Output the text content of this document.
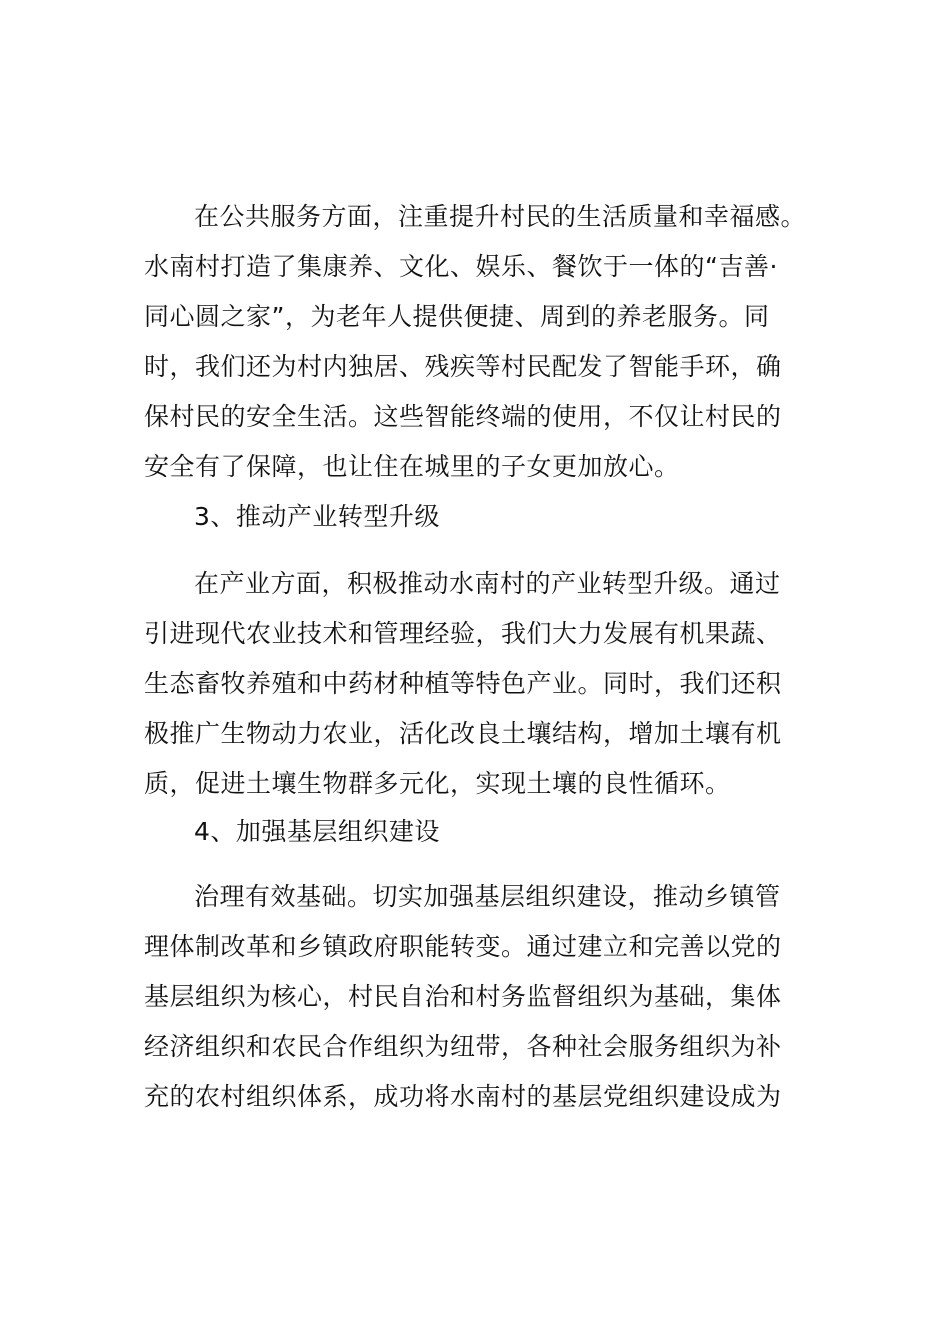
在公共服务方面，注重提升村民的生活质量和幸福感。
水南村打造了集康养、文化、娱乐、餐饮于一体的“吉善·
同心圆之家”，为老年人提供便捷、周到的养老服务。同
时，我们还为村内独居、残疾等村民配发了智能手环，确
保村民的安全生活。这些智能终端的使用，不仅让村民的
安全有了保障，也让住在城里的子女更加放心。
3、推动产业转型升级
在产业方面，积极推动水南村的产业转型升级。通过
引进现代农业技术和管理经验，我们大力发展有机果蔬、
生态畜牧养殖和中药材种植等特色产业。同时，我们还积
极推广生物动力农业，活化改良土壤结构，增加土壤有机
质，促进土壤生物群多元化，实现土壤的良性循环。
4、加强基层组织建设
治理有效基础。切实加强基层组织建设，推动乡镇管
理体制改革和乡镇政府职能转变。通过建立和完善以党的
基层组织为核心，村民自治和村务监督组织为基础，集体
经济组织和农民合作组织为纽带，各种社会服务组织为补
充的农村组织体系，成功将水南村的基层党组织建设成为
